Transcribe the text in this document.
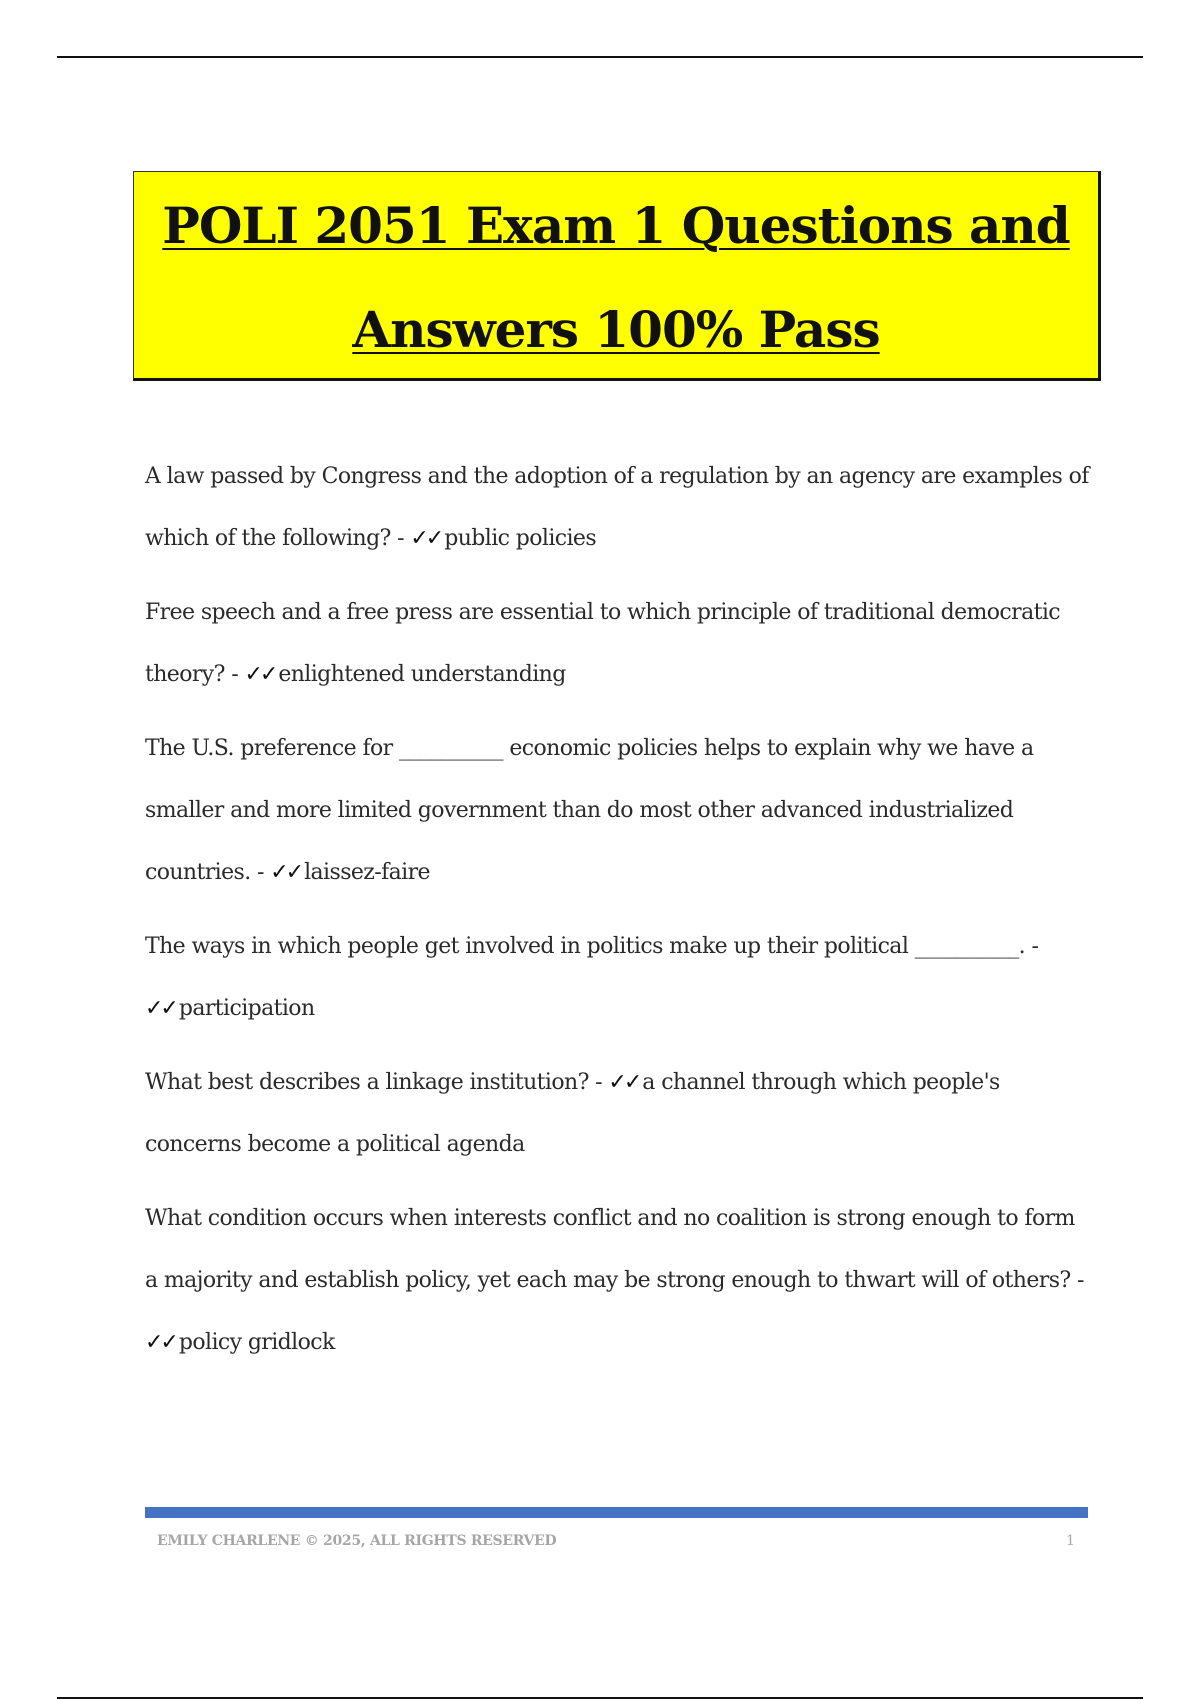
POLI 2051 Exam 1 Questions and
Answers 100% Pass
A law passed by Congress and the adoption of a regulation by an agency are examples of which of the following? - ✓✓ public policies
Free speech and a free press are essential to which principle of traditional democratic theory? - ✓✓ enlightened understanding
The U.S. preference for __________ economic policies helps to explain why we have a smaller and more limited government than do most other advanced industrialized countries. - ✓✓ laissez-faire
The ways in which people get involved in politics make up their political __________. - ✓✓ participation
What best describes a linkage institution? - ✓✓ a channel through which people's concerns become a political agenda
What condition occurs when interests conflict and no coalition is strong enough to form a majority and establish policy, yet each may be strong enough to thwart will of others? - ✓✓ policy gridlock
EMILY CHARLENE © 2025, ALL RIGHTS RESERVED	1
